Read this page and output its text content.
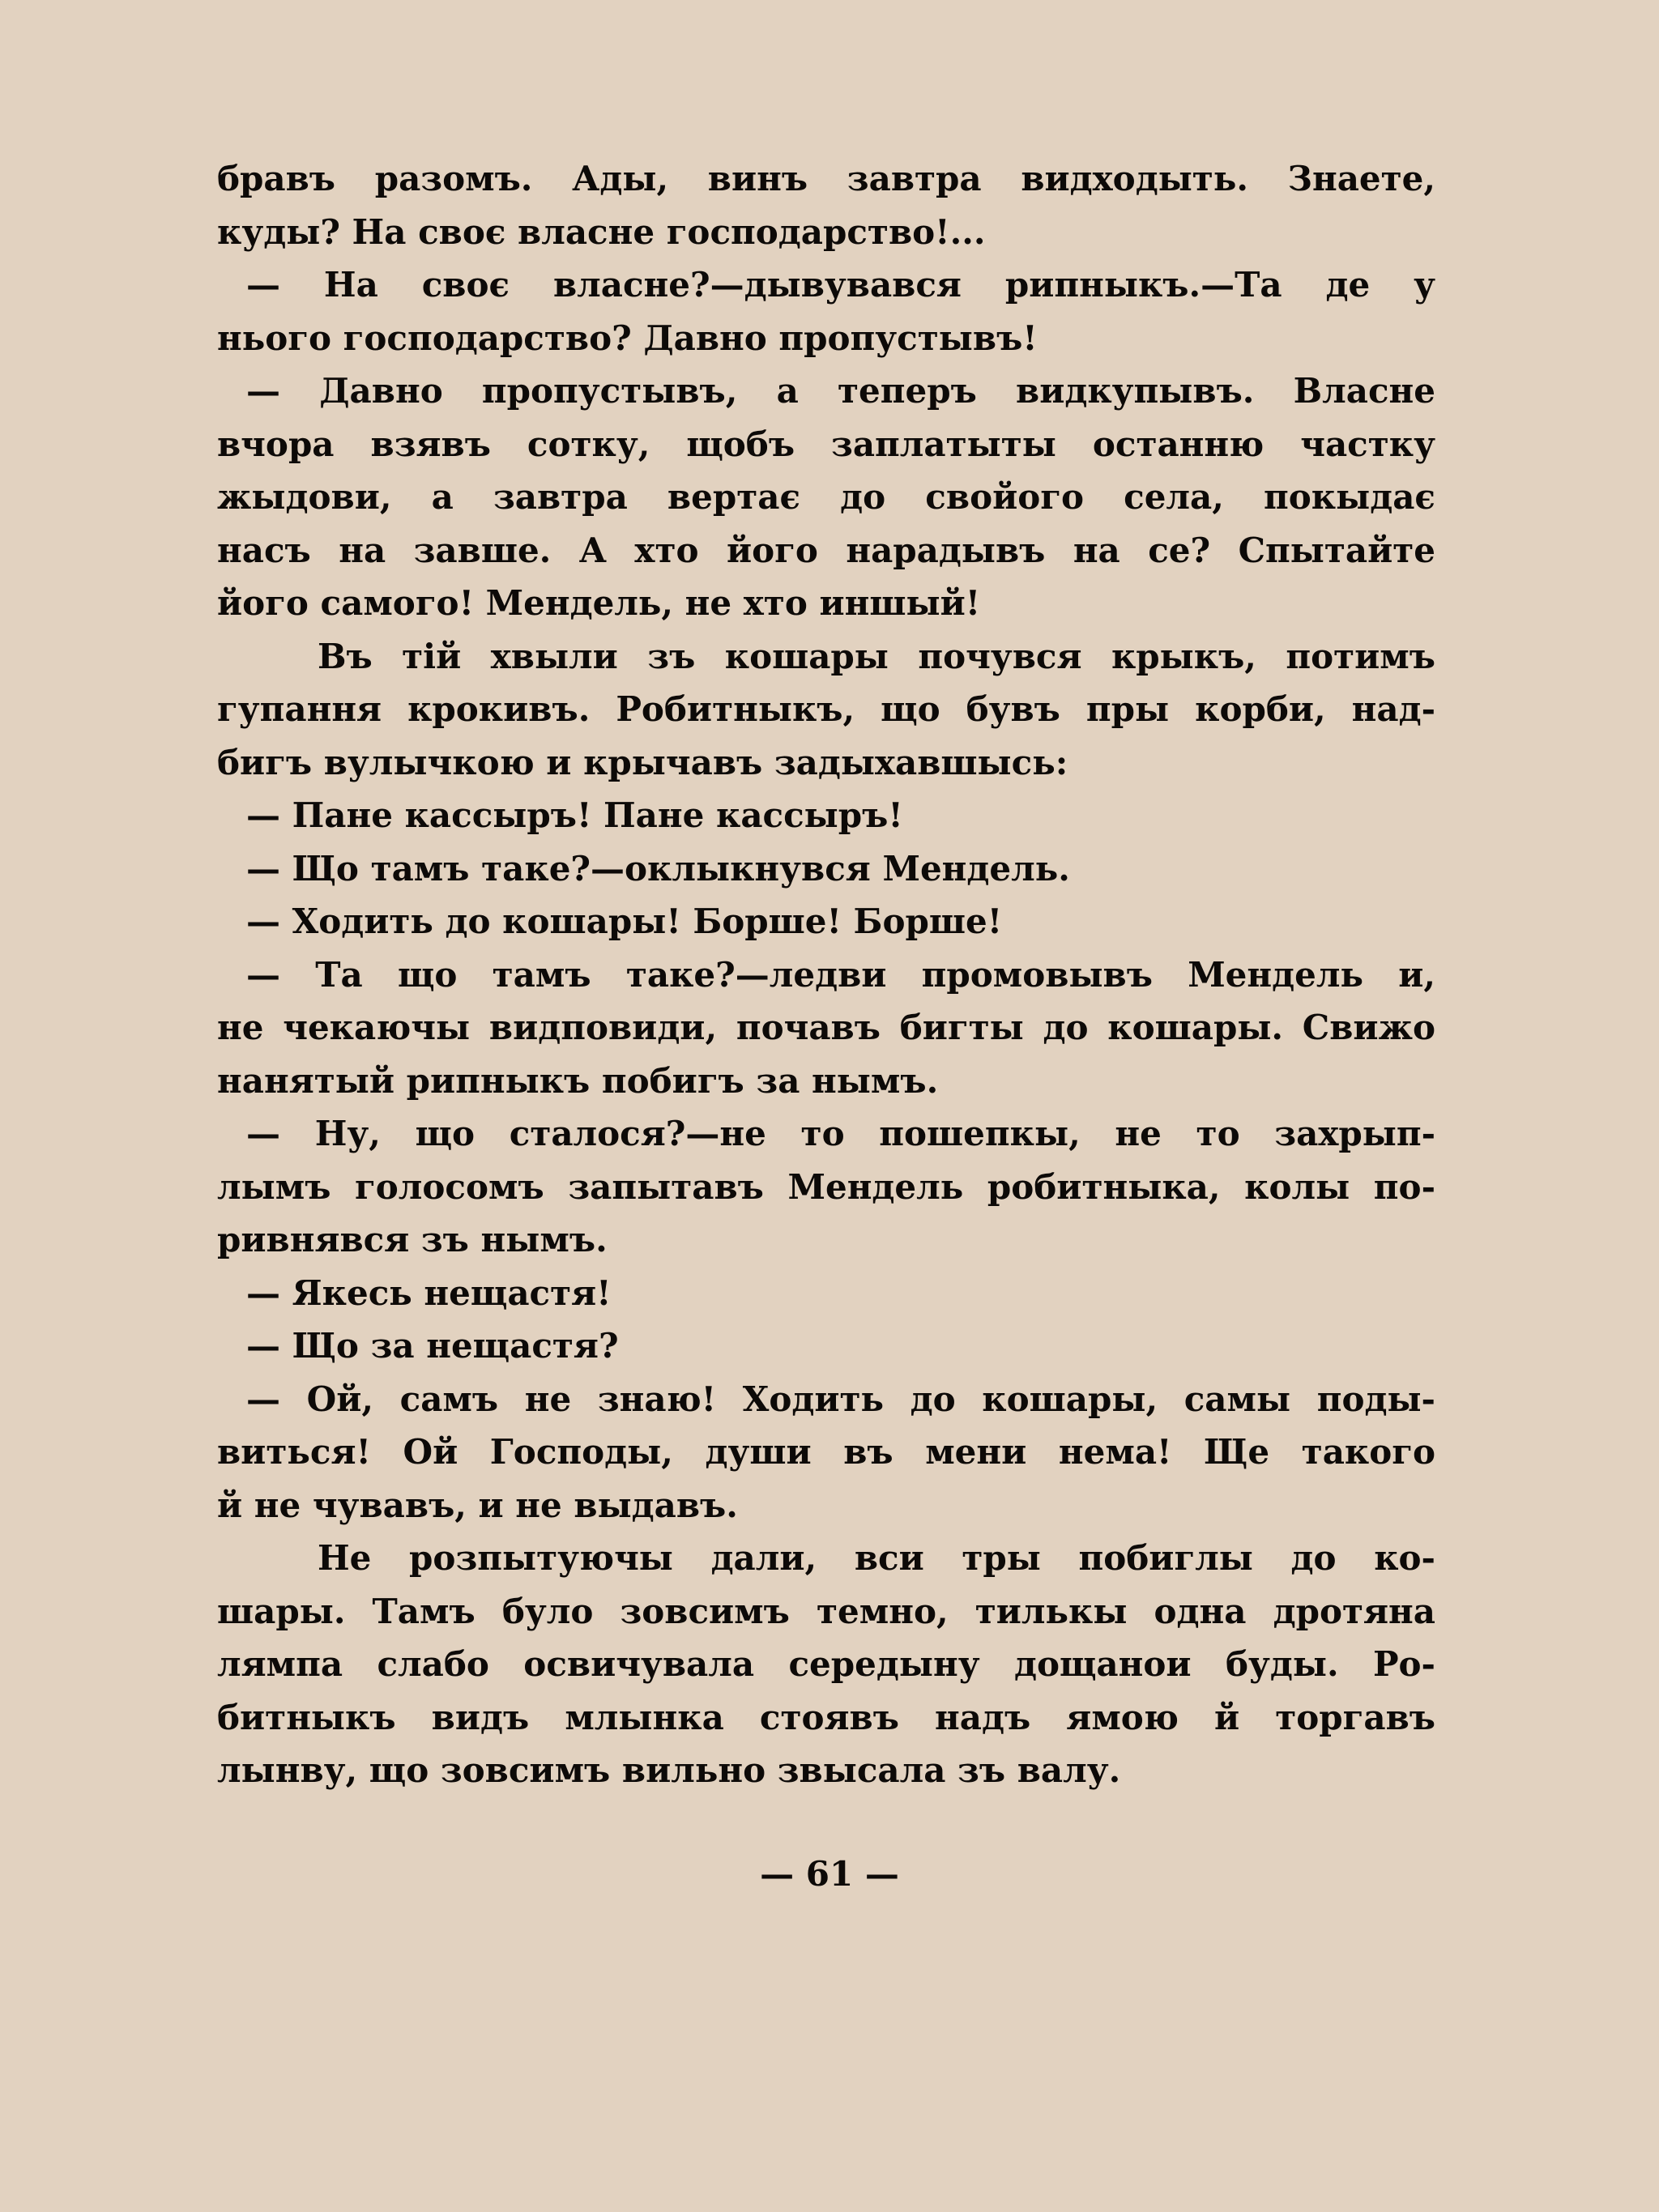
бравъ разомъ. Ады, винъ завтра видходыть. Знаете,
куды? На своє власне господарство!...
— На своє власне?—дывувався рипныкъ.—Та де у
нього господарство? Давно пропустывъ!
— Давно пропустывъ, а теперъ видкупывъ. Власне
вчора взявъ сотку, щобъ заплатыты останню частку
жыдови, а завтра вертає до свойого села, покыдає
насъ на завше. А хто його нарадывъ на се? Спытайте
його самого! Мендель, не хто иншый!
Въ тій хвыли зъ кошары почувся крыкъ, потимъ
гупання крокивъ. Робитныкъ, що бувъ пры корби, над-
бигъ вулычкою и крычавъ задыхавшысь:
— Пане кассыръ! Пане кассыръ!
— Що тамъ таке?—оклыкнувся Мендель.
— Ходить до кошары! Борше! Борше!
— Та що тамъ таке?—ледви промовывъ Мендель и,
не чекаючы видповиди, почавъ бигты до кошары. Свижо
нанятый рипныкъ побигъ за нымъ.
— Ну, що сталося?—не то пошепкы, не то захрып-
лымъ голосомъ запытавъ Мендель робитныка, колы по-
ривнявся зъ нымъ.
— Якесь нещастя!
— Що за нещастя?
— Ой, самъ не знаю! Ходить до кошары, самы поды-
виться! Ой Господы, души въ мени нема! Ще такого
й не чувавъ, и не выдавъ.
Не розпытуючы дали, вси тры побиглы до ко-
шары. Тамъ було зовсимъ темно, тилькы одна дротяна
лямпа слабо освичувала середыну дощанои буды. Ро-
битныкъ видъ млынка стоявъ надъ ямою й торгавъ
лынву, що зовсимъ вильно звысала зъ валу.
— 61 —
